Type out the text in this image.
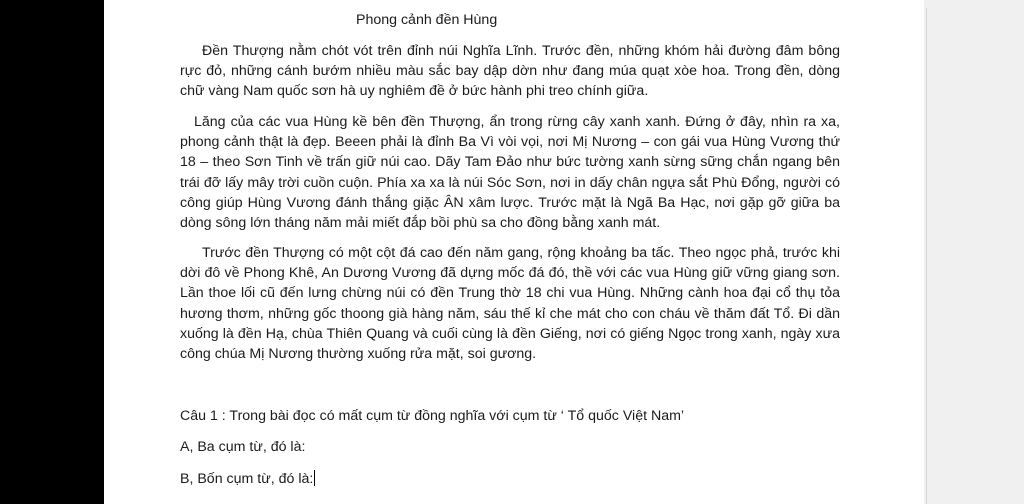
Phong cảnh đền Hùng

Đền Thượng nằm chót vót trên đỉnh núi Nghĩa Lĩnh. Trước đền, những khóm hải đường đâm bông rực đỏ, những cánh bướm nhiều màu sắc bay dập dờn như đang múa quạt xòe hoa. Trong đền, dòng chữ vàng Nam quốc sơn hà uy nghiêm đề ở bức hành phi treo chính giữa.

Lăng của các vua Hùng kề bên đền Thượng, ẩn trong rừng cây xanh xanh. Đứng ở đây, nhìn ra xa, phong cảnh thật là đẹp. Beeen phải là đỉnh Ba Vì vòi vọi, nơi Mị Nương – con gái vua Hùng Vương thứ 18 – theo Sơn Tinh về trấn giữ núi cao. Dãy Tam Đảo như bức tường xanh sừng sững chắn ngang bên trái đỡ lấy mây trời cuồn cuộn. Phía xa xa là núi Sóc Sơn, nơi in dấy chân ngựa sắt Phù Đổng, người có công giúp Hùng Vương đánh thắng giặc ÂN xâm lược. Trước mặt là Ngã Ba Hạc, nơi gặp gỡ giữa ba dòng sông lớn tháng năm mải miết đắp bồi phù sa cho đồng bằng xanh mát.

Trước đền Thượng có một cột đá cao đến năm gang, rộng khoảng ba tấc. Theo ngọc phả, trước khi dời đô về Phong Khê, An Dương Vương đã dựng mốc đá đó, thề với các vua Hùng giữ vững giang sơn. Lần thoe lối cũ đến lưng chừng núi có đền Trung thờ 18 chi vua Hùng. Những cành hoa đại cổ thụ tỏa hương thơm, những gốc thoong già hàng năm, sáu thế kỉ che mát cho con cháu về thăm đất Tổ. Đi dần xuống là đền Hạ, chùa Thiên Quang và cuối cùng là đền Giếng, nơi có giếng Ngọc trong xanh, ngày xưa công chúa Mị Nương thường xuống rửa mặt, soi gương.

Câu 1 : Trong bài đọc có mất cụm từ đồng nghĩa với cụm từ ‘ Tổ quốc Việt Nam’
A, Ba cụm từ, đó là:
B, Bốn cụm từ, đó là:
